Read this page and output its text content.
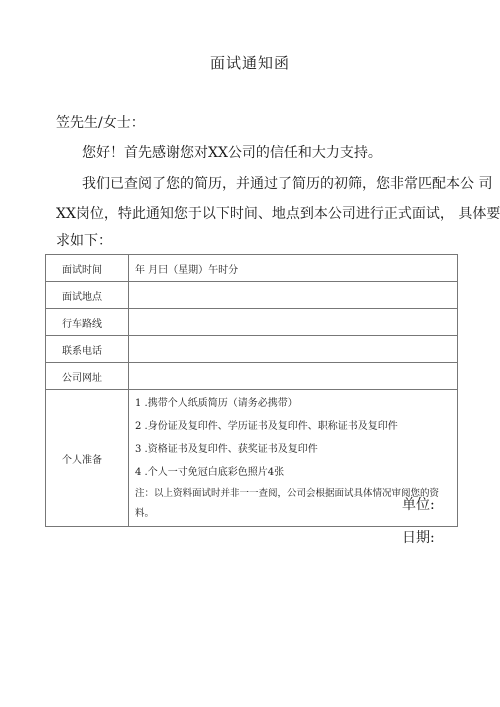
面试通知函
笠先生/女士：
您好！首先感谢您对XX公司的信任和大力支持。
我们已查阅了您的简历，并通过了简历的初筛，您非常匹配本公 司
XX岗位，特此通知您于以下时间、地点到本公司进行正式面试， 具体要
求如下：
面试时间	年 月曰（星期）午时分
面试地点	
行车路线	
联系电话	
公司网址	
个人准备	1 .携带个人纸质简历（请务必携带）
2 .身份证及复印件、学历证书及复印件、职称证书及复印件
3 .资格证书及复印件、获奖证书及复印件
4 .个人一寸免冠白底彩色照片4张
注：以上资料面试时并非一一查阅，公司会根据面试具体情况审阅您的资料。
单位:
日期:
